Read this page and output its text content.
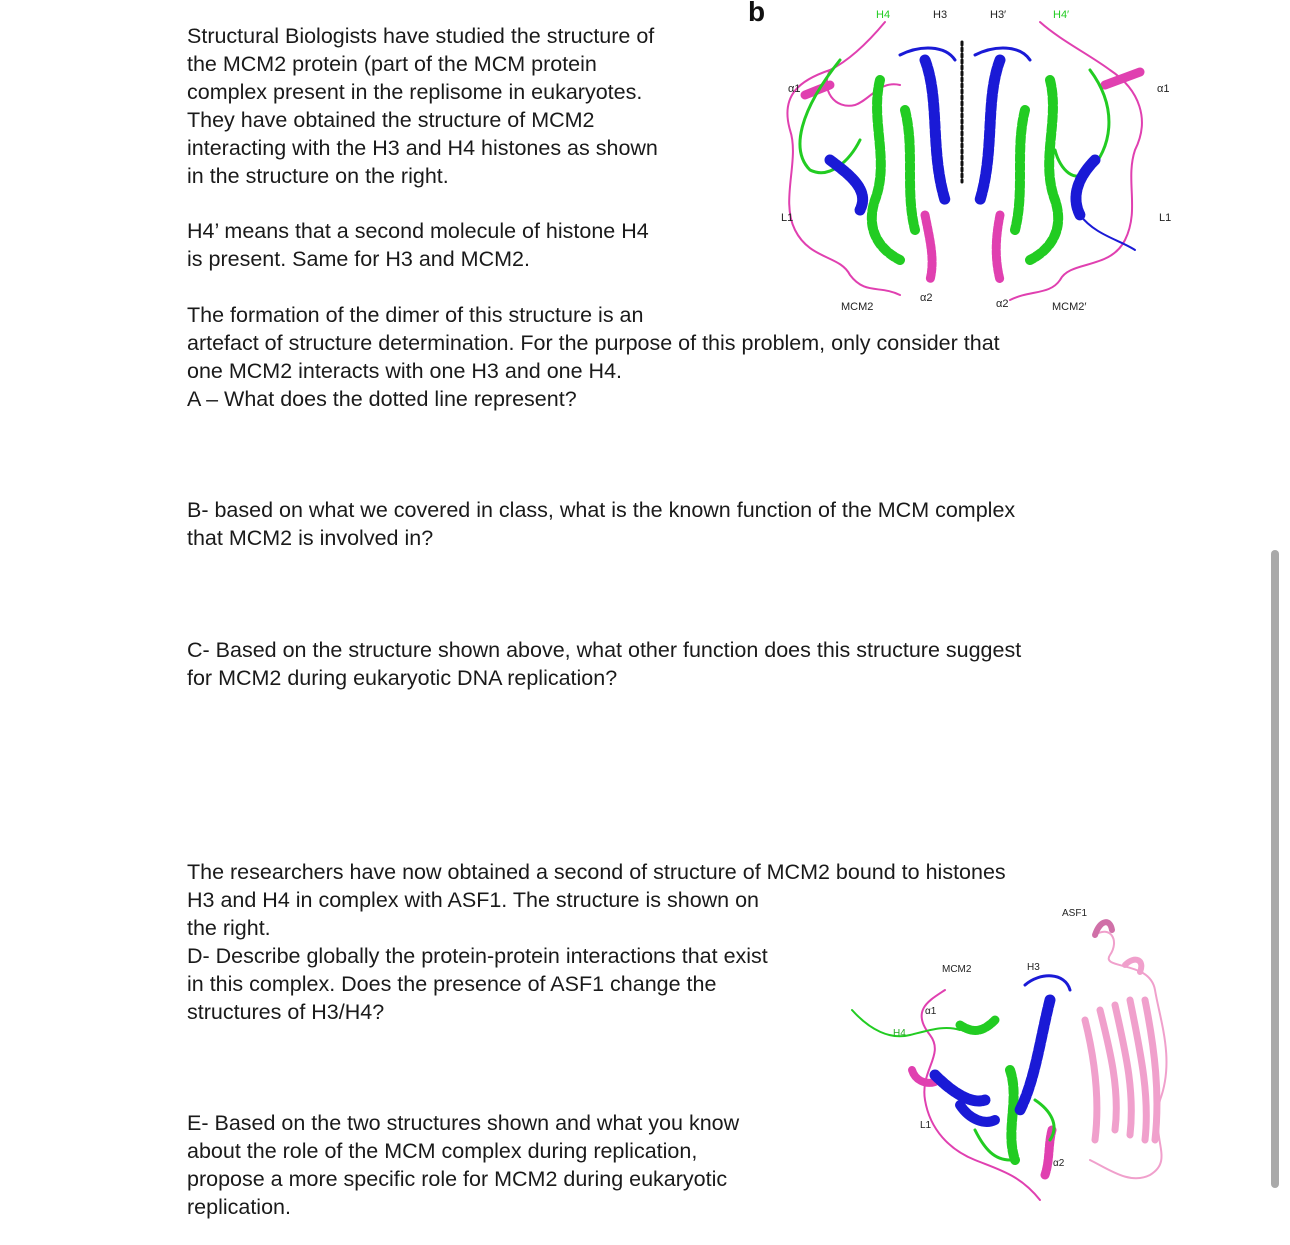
Structural Biologists have studied the structure of
the MCM2 protein (part of the MCM protein
complex present in the replisome in eukaryotes.
They have obtained the structure of MCM2
interacting with the H3 and H4 histones as shown
in the structure on the right.
H4’ means that a second molecule of histone H4
is present. Same for H3 and MCM2.
The formation of the dimer of this structure is an
artefact of structure determination. For the purpose of this problem, only consider that
one MCM2 interacts with one H3 and one H4.
A – What does the dotted line represent?
B- based on what we covered in class, what is the known function of the MCM complex
that MCM2 is involved in?
C- Based on the structure shown above, what other function does this structure suggest
for MCM2 during eukaryotic DNA replication?
The researchers have now obtained a second of structure of MCM2 bound to histones
H3 and H4 in complex with ASF1. The structure is shown on
the right.
D- Describe globally the protein-protein interactions that exist
in this complex. Does the presence of ASF1 change the
structures of H3/H4?
E- Based on the two structures shown and what you know
about the role of the MCM complex during replication,
propose a more specific role for MCM2 during eukaryotic
replication.
b	H4	H3	H3′	H4′
α1	α1
L1	L1
α2	α2
MCM2	MCM2′
ASF1
MCM2	H3
α1
H4
L1
α2
